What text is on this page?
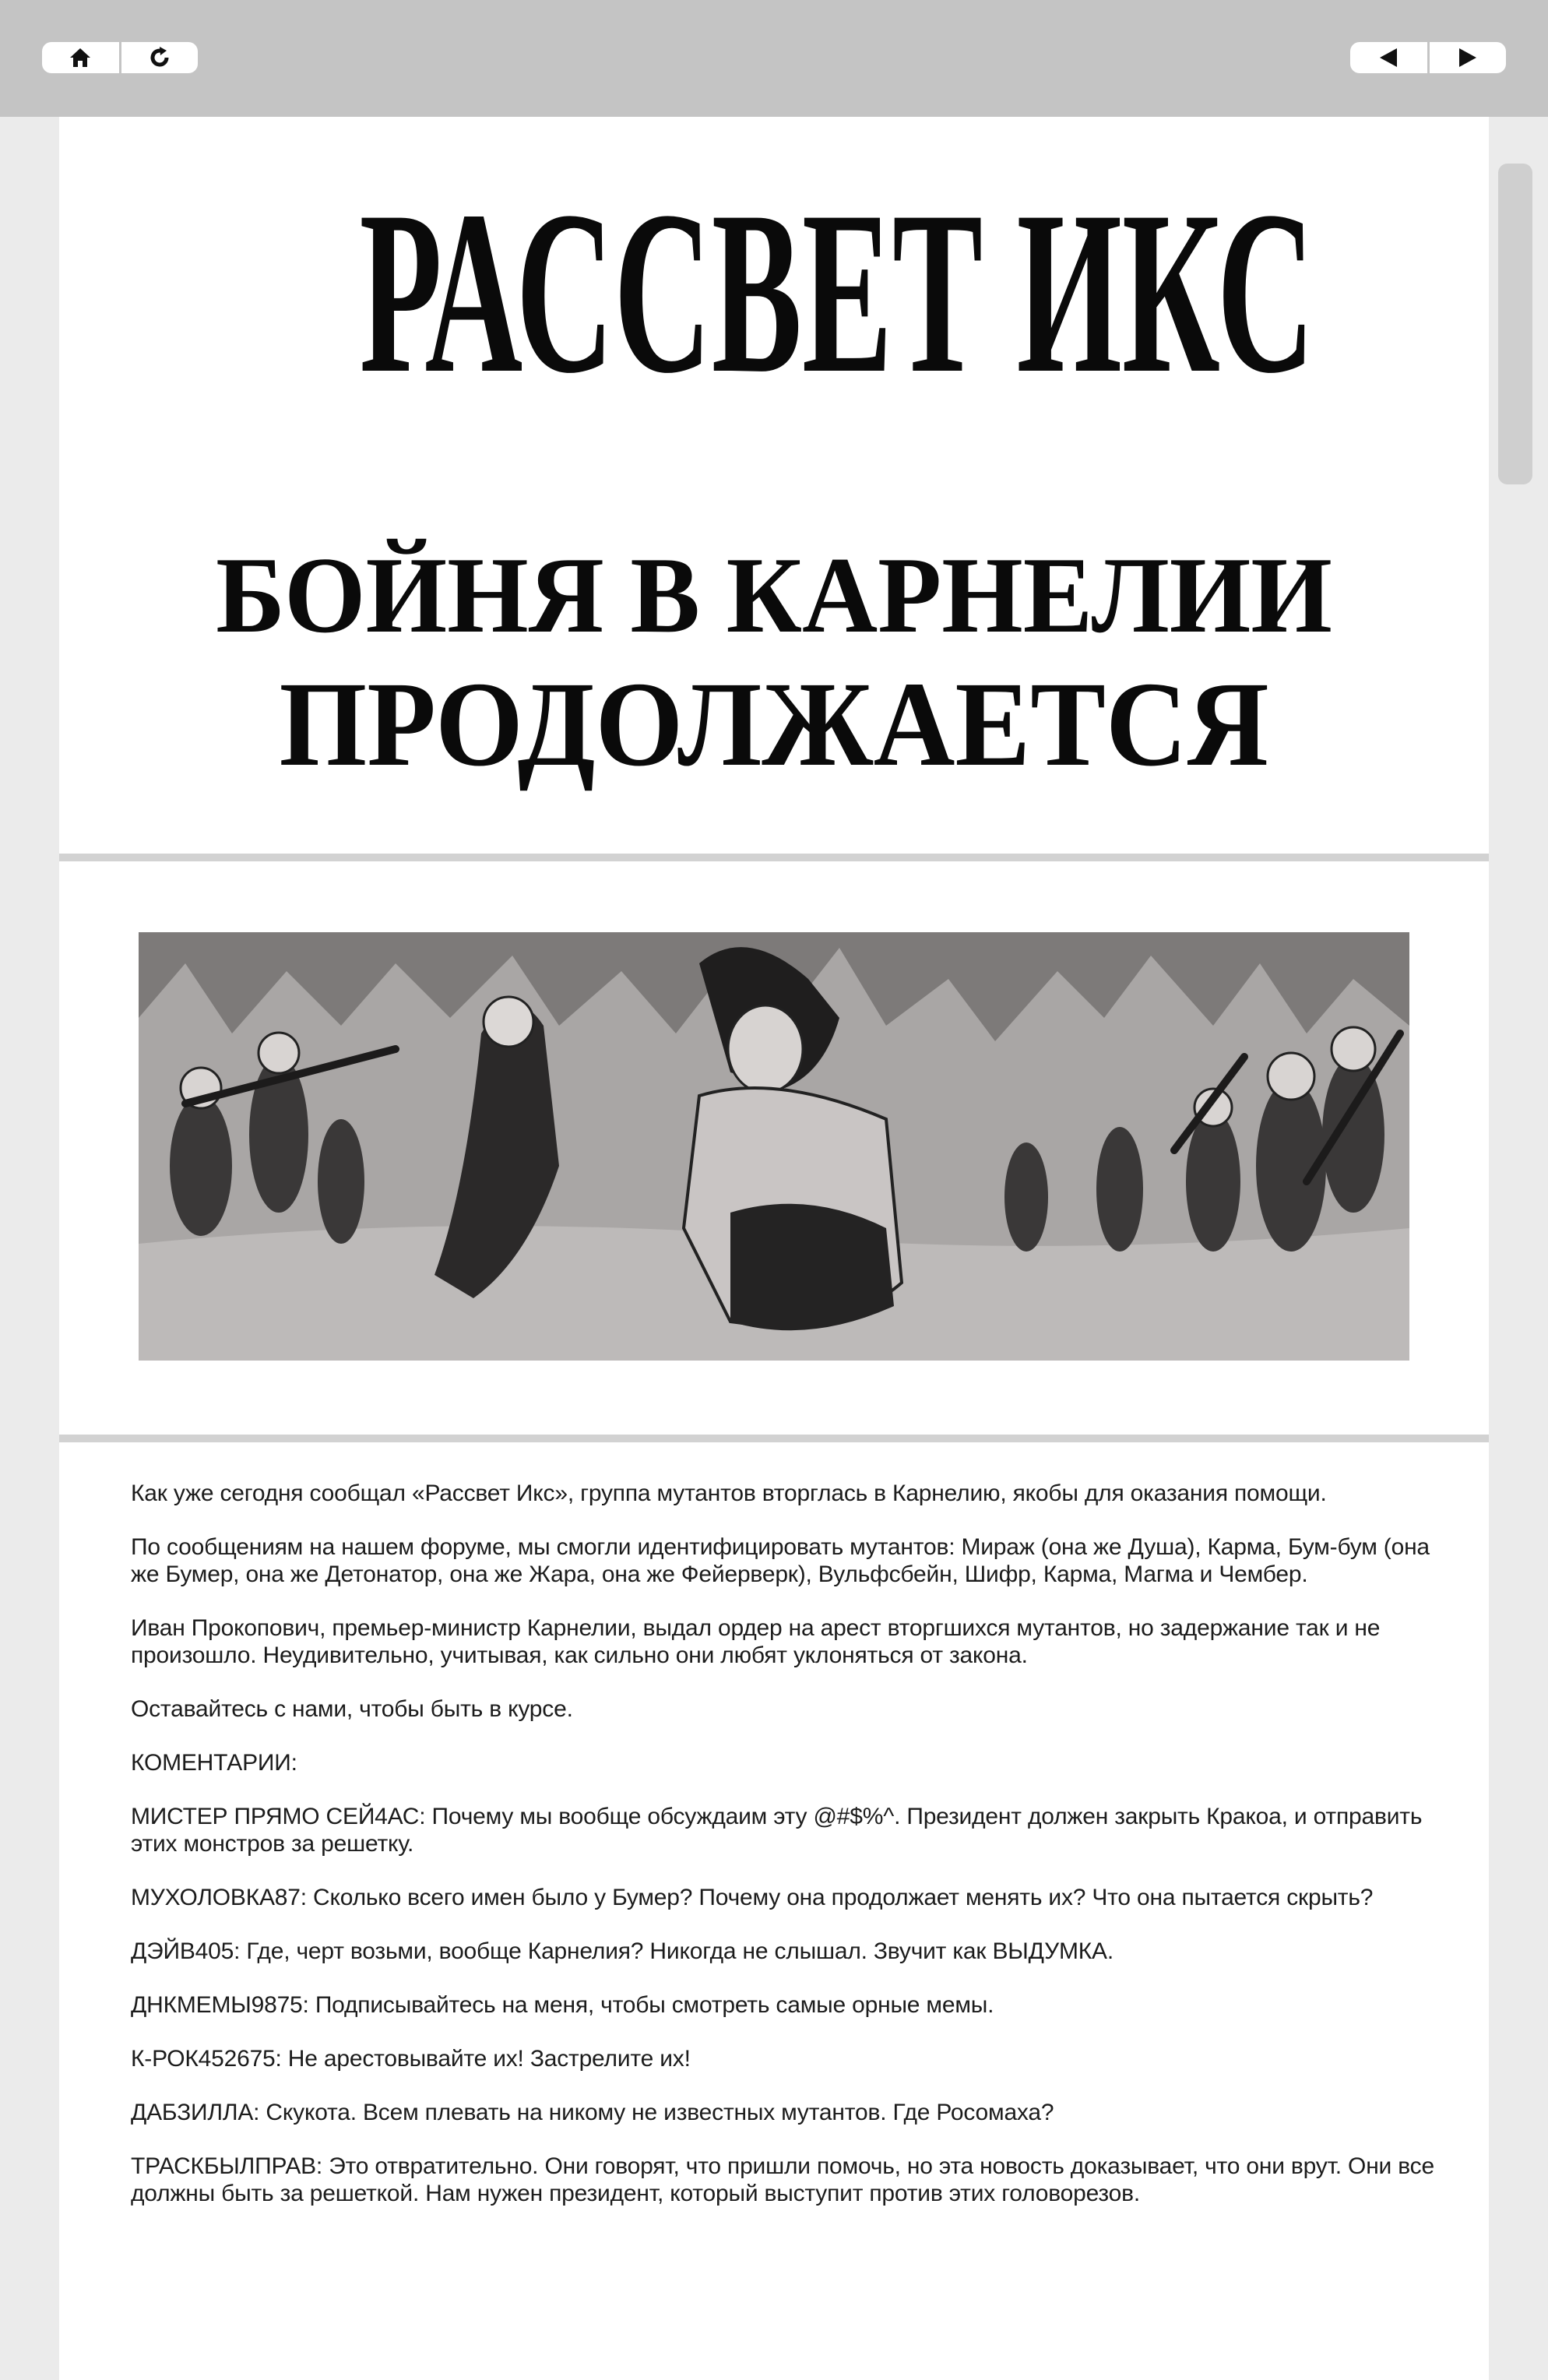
РАССВЕТ ИКС
БОЙНЯ В КАРНЕЛИИ
ПРОДОЛЖАЕТСЯ

Как уже сегодня сообщал «Рассвет Икс», группа мутантов вторглась в Карнелию, якобы для оказания помощи.

По сообщениям на нашем форуме, мы смогли идентифицировать мутантов: Мираж (она же Душа), Карма, Бум-бум (она же Бумер, она же Детонатор, она же Жара, она же Фейерверк), Вульфсбейн, Шифр, Карма, Магма и Чембер.

Иван Прокопович, премьер-министр Карнелии, выдал ордер на арест вторгшихся мутантов, но задержание так и не произошло. Неудивительно, учитывая, как сильно они любят уклоняться от закона.

Оставайтесь с нами, чтобы быть в курсе.

КОМЕНТАРИИ:

МИСТЕР ПРЯМО СЕЙ4АС: Почему мы вообще обсуждаим эту @#$%^. Президент должен закрыть Кракоа, и отправить этих монстров за решетку.

МУХОЛОВКА87: Сколько всего имен было у Бумер? Почему она продолжает менять их? Что она пытается скрыть?

ДЭЙВ405: Где, черт возьми, вообще Карнелия? Никогда не слышал. Звучит как ВЫДУМКА.

ДНКМЕМЫ9875: Подписывайтесь на меня, чтобы смотреть самые орные мемы.

К-РОК452675: Не арестовывайте их! Застрелите их!

ДАБЗИЛЛА: Скукота. Всем плевать на никому не известных мутантов. Где Росомаха?

ТРАСКБЫЛПРАВ: Это отвратительно. Они говорят, что пришли помочь, но эта новость доказывает, что они врут. Они все должны быть за решеткой. Нам нужен президент, который выступит против этих головорезов.
